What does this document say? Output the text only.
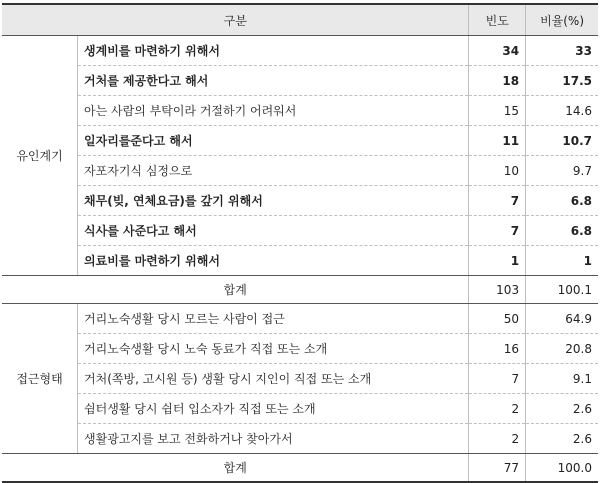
구분		빈도	비율(%)
유인계기	생계비를 마련하기 위해서	34	33
	거처를 제공한다고 해서	18	17.5
	아는 사람의 부탁이라 거절하기 어려워서	15	14.6
	일자리를준다고 해서	11	10.7
	자포자기식 심정으로	10	9.7
	채무(빚, 연체요금)를 갚기 위해서	7	6.8
	식사를 사준다고 해서	7	6.8
	의료비를 마련하기 위해서	1	1
합계		103	100.1
접근형태	거리노숙생활 당시 모르는 사람이 접근	50	64.9
	거리노숙생활 당시 노숙 동료가 직접 또는 소개	16	20.8
	거처(쪽방, 고시원 등) 생활 당시 지인이 직접 또는 소개	7	9.1
	쉼터생활 당시 쉼터 입소자가 직접 또는 소개	2	2.6
	생활광고지를 보고 전화하거나 찾아가서	2	2.6
합계		77	100.0
